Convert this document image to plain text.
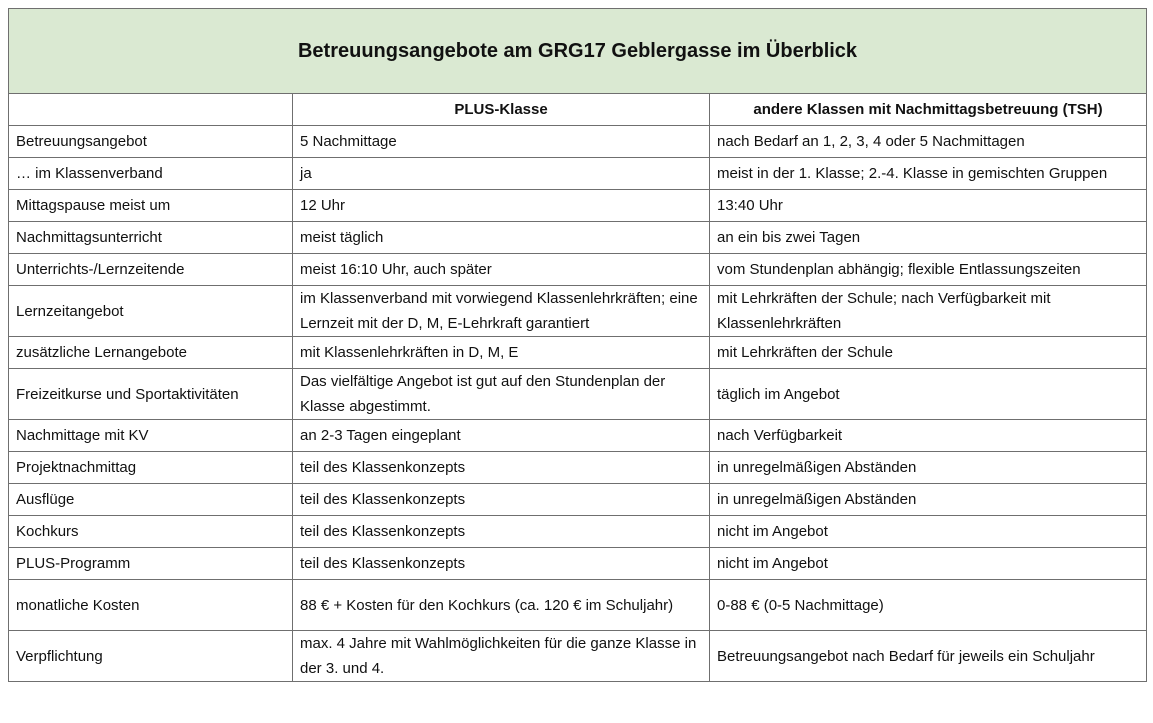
Betreuungsangebote am GRG17 Geblergasse im Überblick		
	PLUS-Klasse	andere Klassen mit Nachmittagsbetreuung (TSH)
Betreuungsangebot	5 Nachmittage	nach Bedarf an 1, 2, 3, 4 oder 5 Nachmittagen
… im Klassenverband	ja	meist in der 1. Klasse; 2.-4. Klasse in gemischten Gruppen
Mittagspause meist um	12 Uhr	13:40 Uhr
Nachmittagsunterricht	meist täglich	an ein bis zwei Tagen
Unterrichts-/Lernzeitende	meist 16:10 Uhr, auch später	vom Stundenplan abhängig; flexible Entlassungszeiten
Lernzeitangebot	im Klassenverband mit vorwiegend Klassenlehrkräften; eine Lernzeit mit der D, M, E-Lehrkraft garantiert	mit Lehrkräften der Schule; nach Verfügbarkeit mit Klassenlehrkräften
zusätzliche Lernangebote	mit Klassenlehrkräften in D, M, E	mit Lehrkräften der Schule
Freizeitkurse und Sportaktivitäten	Das vielfältige Angebot ist gut auf den Stundenplan der Klasse abgestimmt.	täglich im Angebot
Nachmittage mit KV	an 2-3 Tagen eingeplant	nach Verfügbarkeit
Projektnachmittag	teil des Klassenkonzepts	in unregelmäßigen Abständen
Ausflüge	teil des Klassenkonzepts	in unregelmäßigen Abständen
Kochkurs	teil des Klassenkonzepts	nicht im Angebot
PLUS-Programm	teil des Klassenkonzepts	nicht im Angebot
monatliche Kosten	88 € + Kosten für den Kochkurs (ca. 120 € im Schuljahr)	0-88 € (0-5 Nachmittage)
Verpflichtung	max. 4 Jahre mit Wahlmöglichkeiten für die ganze Klasse in der 3. und 4.	Betreuungsangebot nach Bedarf für jeweils ein Schuljahr
